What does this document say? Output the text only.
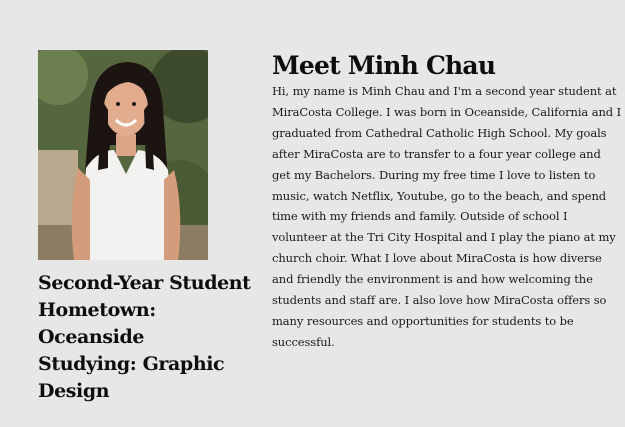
Second-Year Student
Hometown: Oceanside
Studying: Graphic Design
Meet Minh Chau

Hi, my name is Minh Chau and I'm a second year student at MiraCosta College. I was born in Oceanside, California and I graduated from Cathedral Catholic High School. My goals after MiraCosta are to transfer to a four year college and get my Bachelors. During my free time I love to listen to music, watch Netflix, Youtube, go to the beach, and spend time with my friends and family. Outside of school I volunteer at the Tri City Hospital and I play the piano at my church choir. What I love about MiraCosta is how diverse and friendly the environment is and how welcoming the students and staff are. I also love how MiraCosta offers so many resources and opportunities for students to be successful.
